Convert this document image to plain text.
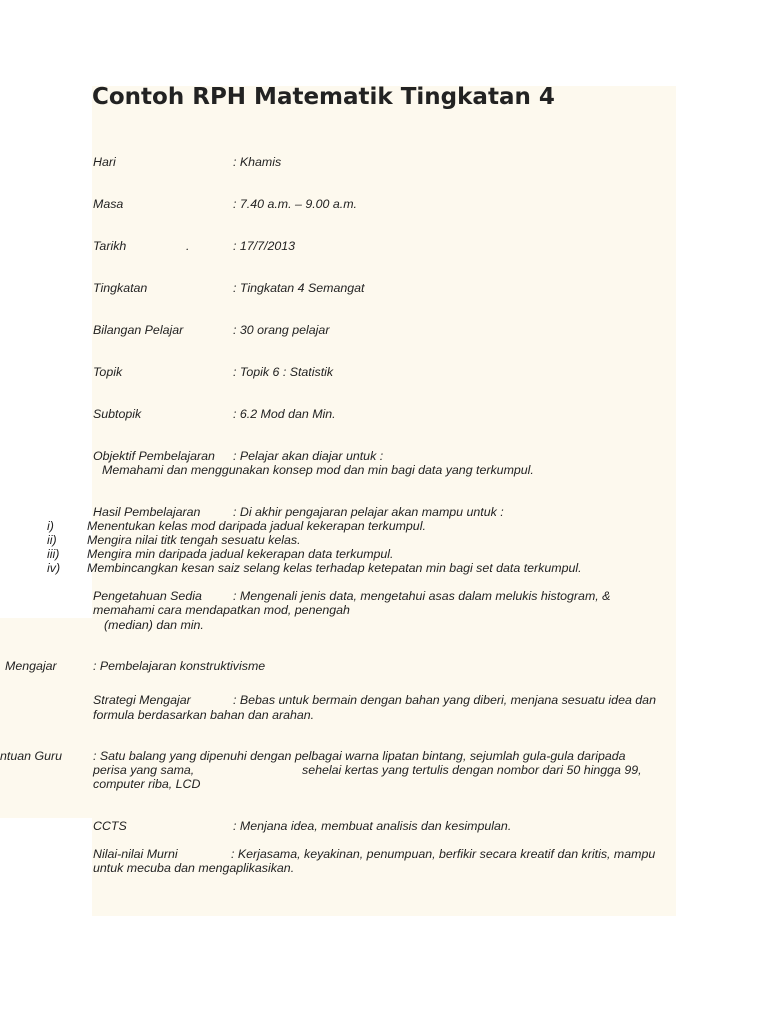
Contoh RPH Matematik Tingkatan 4
Hari	: Khamis
Masa	: 7.40 a.m. – 9.00 a.m.
Tarikh	.	: 17/7/2013
Tingkatan	: Tingkatan 4 Semangat
Bilangan Pelajar	: 30 orang pelajar
Topik	: Topik 6 : Statistik
Subtopik	: 6.2 Mod dan Min.
Objektif Pembelajaran : Pelajar akan diajar untuk :
Memahami dan menggunakan konsep mod dan min bagi data yang terkumpul.
Hasil Pembelajaran	: Di akhir pengajaran pelajar akan mampu untuk :
i)	Menentukan kelas mod daripada jadual kekerapan terkumpul.
ii) Mengira nilai titk tengah sesuatu kelas.
iii) Mengira min daripada jadual kekerapan data terkumpul.
iv) Membincangkan kesan saiz selang kelas terhadap ketepatan min bagi set data terkumpul.
Pengetahuan Sedia	: Mengenali jenis data, mengetahui asas dalam melukis histogram, &
memahami cara mendapatkan mod, penengah
(median) dan min.
Mengajar	: Pembelajaran konstruktivisme
Strategi Mengajar	: Bebas untuk bermain dengan bahan yang diberi, menjana sesuatu idea dan
formula berdasarkan bahan dan arahan.
ntuan Guru	: Satu balang yang dipenuhi dengan pelbagai warna lipatan bintang, sejumlah gula-gula daripada
perisa yang sama,	sehelai kertas yang tertulis dengan nombor dari 50 hingga 99,
computer riba, LCD
CCTS	: Menjana idea, membuat analisis dan kesimpulan.
Nilai-nilai Murni	: Kerjasama, keyakinan, penumpuan, berfikir secara kreatif dan kritis, mampu
untuk mecuba dan mengaplikasikan.
